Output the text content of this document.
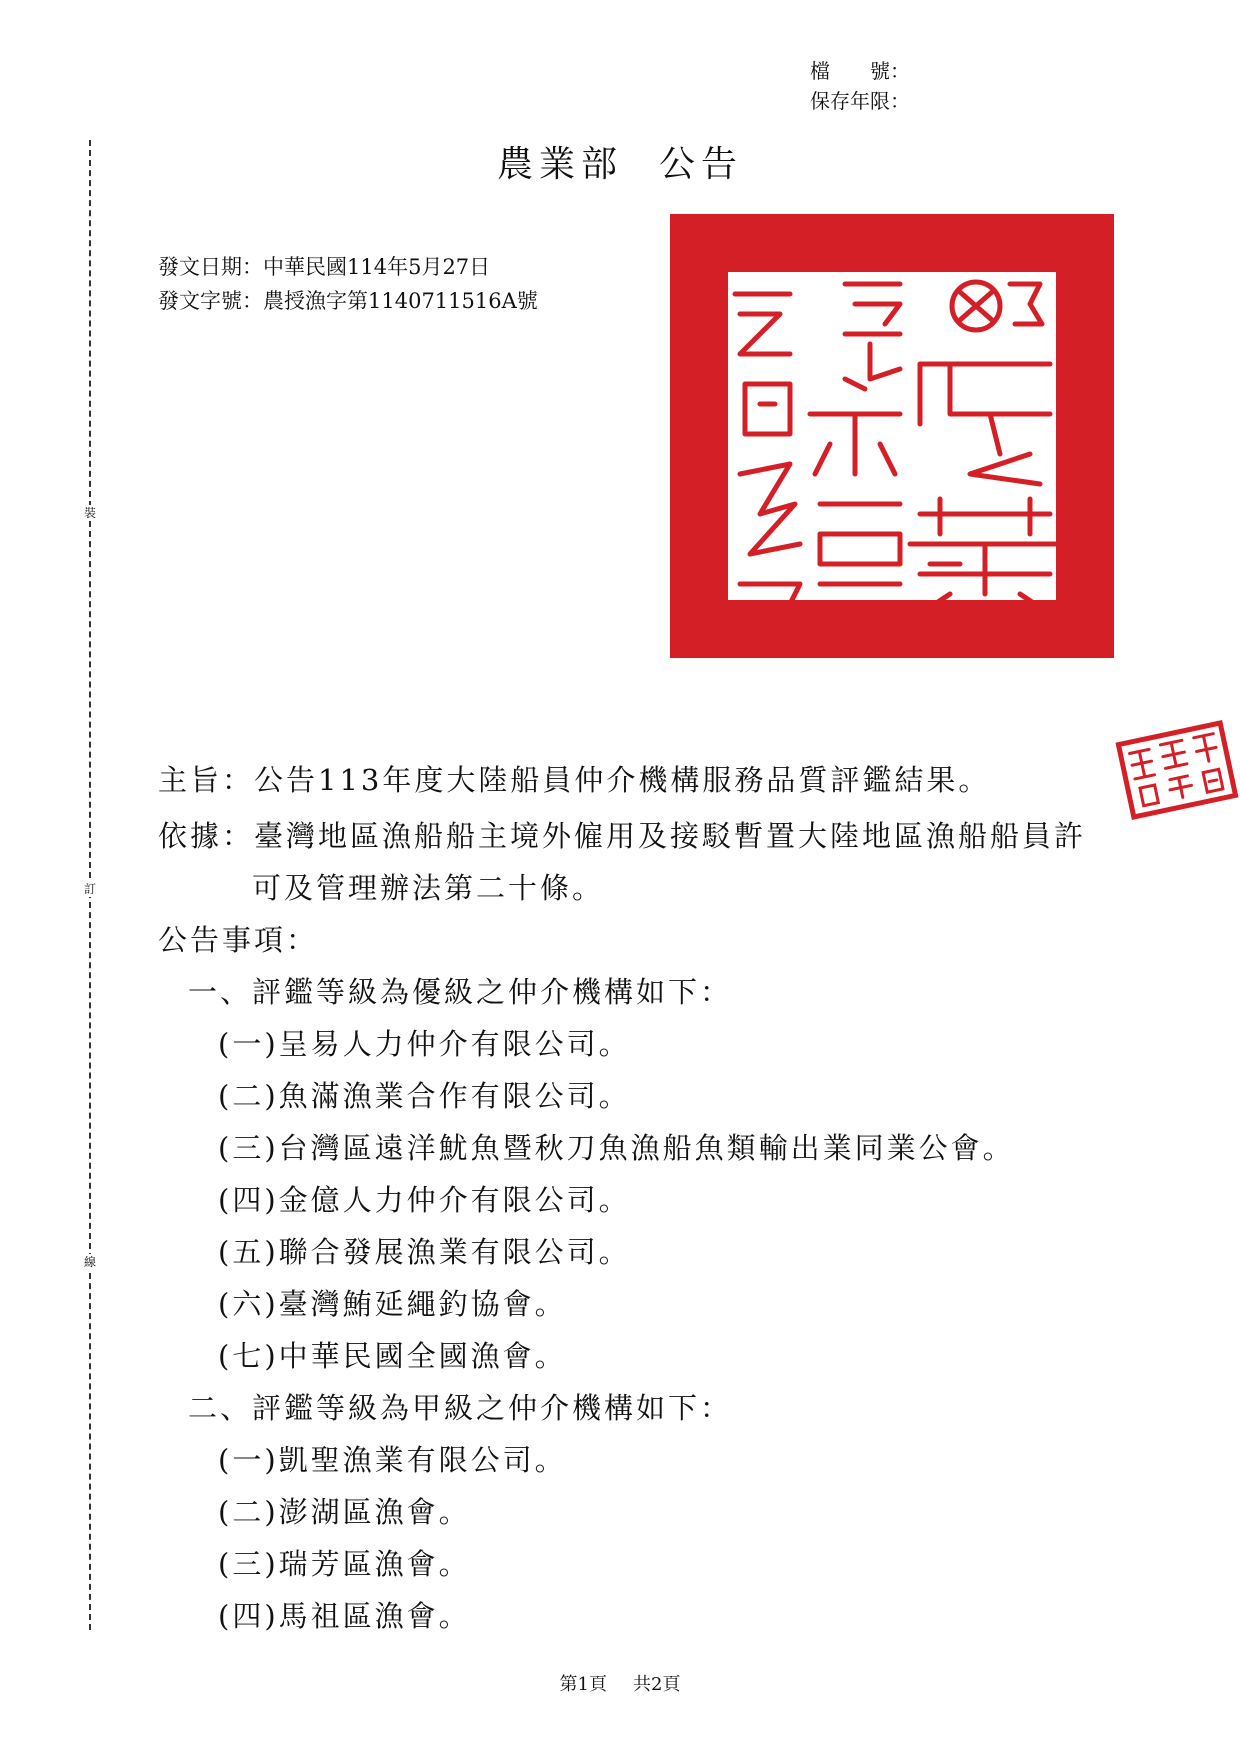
檔　　號：
保存年限：
裝
訂
線
農業部 公告
發文日期：中華民國114年5月27日
發文字號：農授漁字第1140711516A號
主旨：公告113年度大陸船員仲介機構服務品質評鑑結果。
依據：臺灣地區漁船船主境外僱用及接駁暫置大陸地區漁船船員許
可及管理辦法第二十條。
公告事項：
一、評鑑等級為優級之仲介機構如下：
(一)呈易人力仲介有限公司。
(二)魚滿漁業合作有限公司。
(三)台灣區遠洋魷魚暨秋刀魚漁船魚類輸出業同業公會。
(四)金億人力仲介有限公司。
(五)聯合發展漁業有限公司。
(六)臺灣鮪延繩釣協會。
(七)中華民國全國漁會。
二、評鑑等級為甲級之仲介機構如下：
(一)凱聖漁業有限公司。
(二)澎湖區漁會。
(三)瑞芳區漁會。
(四)馬祖區漁會。
第1頁 共2頁
